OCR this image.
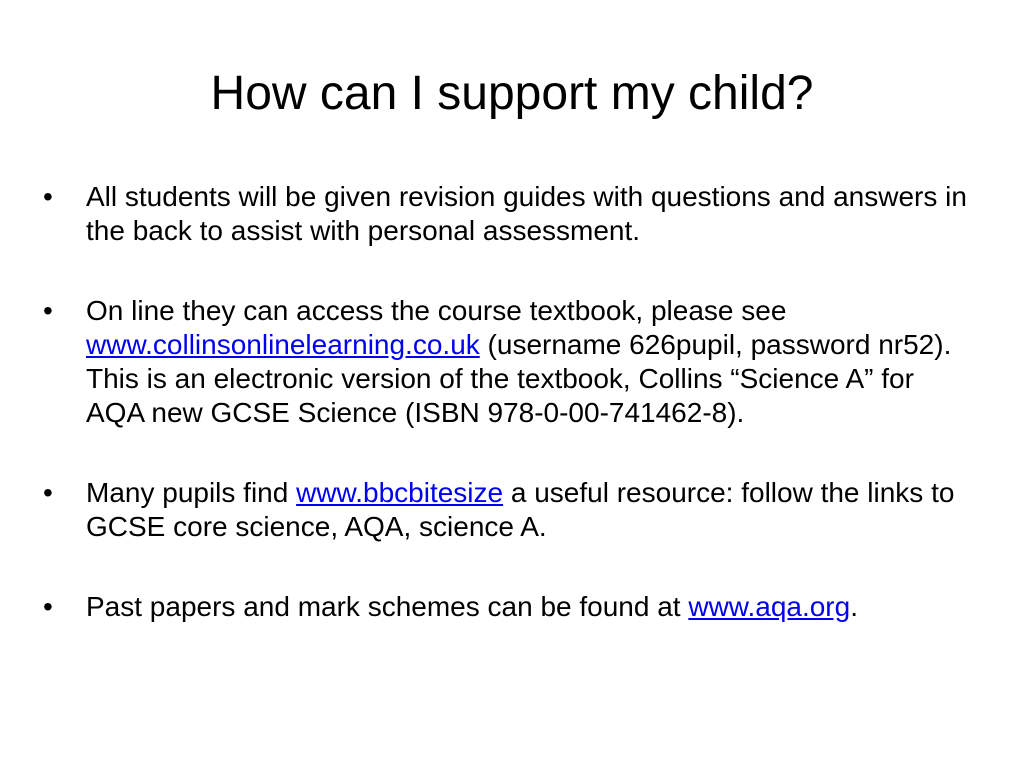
How can I support my child?
•	All students will be given revision guides with questions and answers in the back to assist with personal assessment.
•	On line they can access the course textbook, please see www.collinsonlinelearning.co.uk (username 626pupil, password nr52). This is an electronic version of the textbook, Collins “Science A” for AQA new GCSE Science (ISBN 978-0-00-741462-8).
•	Many pupils find www.bbcbitesize a useful resource: follow the links to GCSE core science, AQA, science A.
•	Past papers and mark schemes can be found at www.aqa.org.
